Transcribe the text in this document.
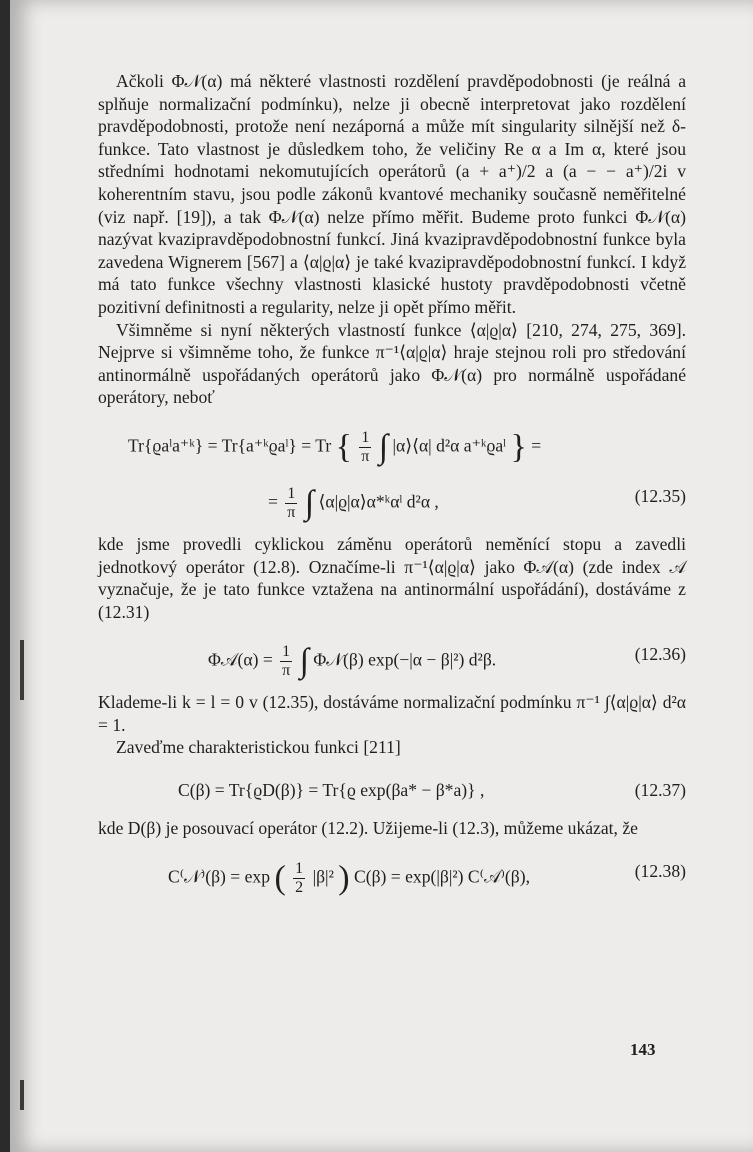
Ačkoli Φ𝒩(α) má některé vlastnosti rozdělení pravděpodobnosti (je reálná a splňuje normalizační podmínku), nelze ji obecně interpretovat jako rozdělení pravděpodobnosti, protože není nezáporná a může mít singularity silnější než δ-funkce. Tato vlastnost je důsledkem toho, že veličiny Re α a Im α, které jsou středními hodnotami nekomutujících operátorů (a + a⁺)/2 a (a − − a⁺)/2i v koherentním stavu, jsou podle zákonů kvantové mechaniky současně neměřitelné (viz např. [19]), a tak Φ𝒩(α) nelze přímo měřit. Budeme proto funkci Φ𝒩(α) nazývat kvazipravděpodobnostní funkcí. Jiná kvazipravděpodobnostní funkce byla zavedena Wignerem [567] a ⟨α|ϱ|α⟩ je také kvazipravděpodobnostní funkcí. I když má tato funkce všechny vlastnosti klasické hustoty pravděpodobnosti včetně pozitivní definitnosti a regularity, nelze ji opět přímo měřit.

Všimněme si nyní některých vlastností funkce ⟨α|ϱ|α⟩ [210, 274, 275, 369]. Nejprve si všimněme toho, že funkce π⁻¹⟨α|ϱ|α⟩ hraje stejnou roli pro středování antinormálně uspořádaných operátorů jako Φ𝒩(α) pro normálně uspořádané operátory, neboť

Tr{ϱaˡa⁺ᵏ} = Tr{a⁺ᵏϱaˡ} = Tr { $\frac{1}{\pi}$ ∫ |α⟩⟨α| d²α a⁺ᵏϱaˡ } =
= $\frac{1}{\pi}$ ∫ ⟨α|ϱ|α⟩α*ᵏαˡ d²α ,	(12.35)

kde jsme provedli cyklickou záměnu operátorů neměnící stopu a zavedli jednotkový operátor (12.8). Označíme-li π⁻¹⟨α|ϱ|α⟩ jako Φ𝒜(α) (zde index 𝒜 vyznačuje, že je tato funkce vztažena na antinormální uspořádání), dostáváme z (12.31)

Φ𝒜(α) = $\frac{1}{\pi}$ ∫ Φ𝒩(β) exp(−|α − β|²) d²β.	(12.36)

Klademe-li k = l = 0 v (12.35), dostáváme normalizační podmínku π⁻¹ ∫⟨α|ϱ|α⟩ d²α = 1.

Zaveďme charakteristickou funkci [211]

C(β) = Tr{ϱD(β)} = Tr{ϱ exp(βa* − β*a)} ,	(12.37)

kde D(β) je posouvací operátor (12.2). Užijeme-li (12.3), můžeme ukázat, že

C⁽𝒩⁾(β) = exp ( $\frac{1}{2} |\beta|^2$ ) C(β) = exp(|β|²) C⁽𝒜⁾(β),	(12.38)
143
